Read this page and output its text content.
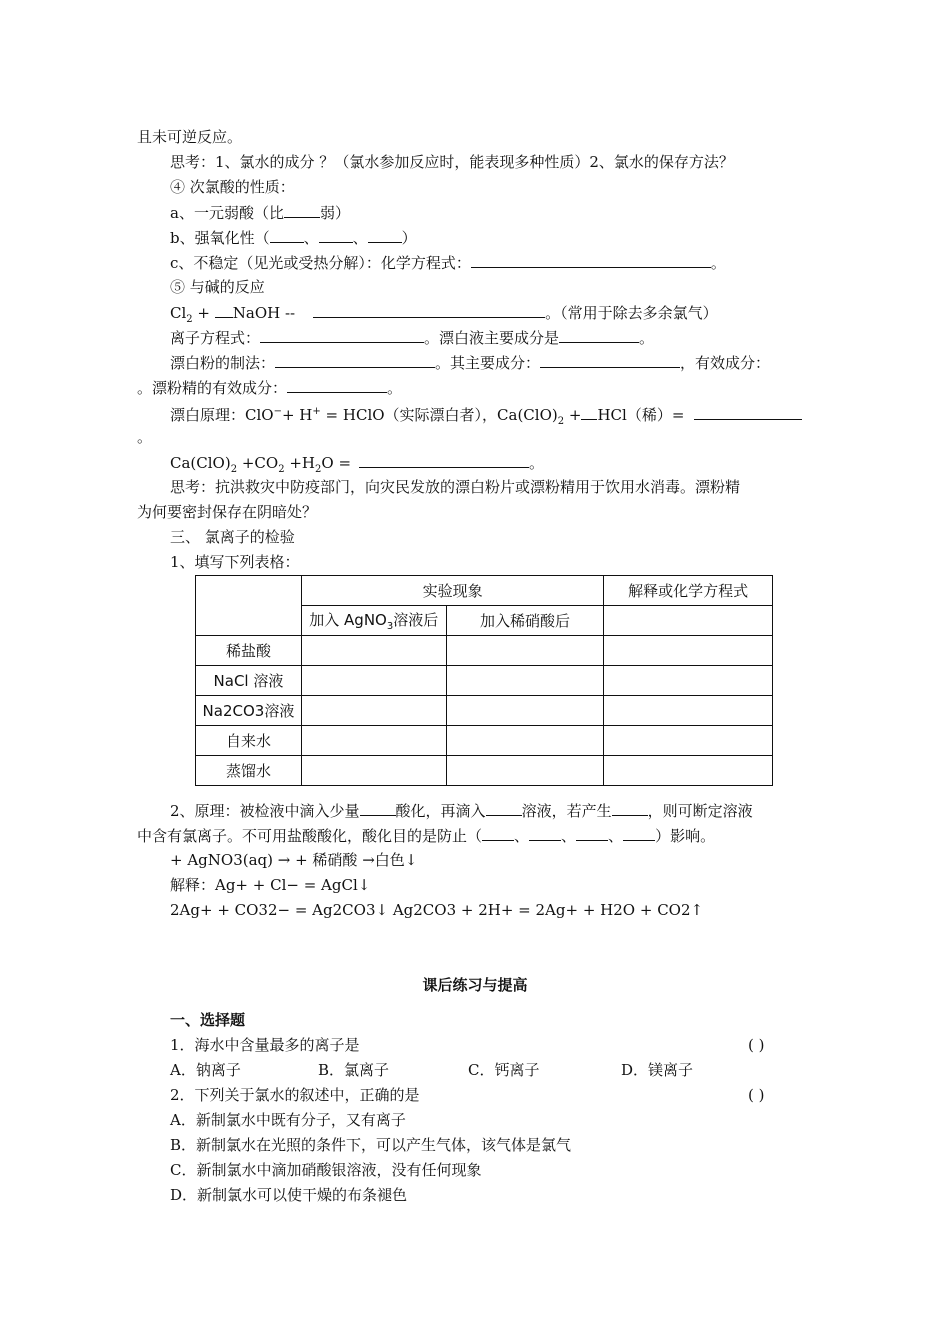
且未可逆反应。
思考：1、氯水的成分 ？（氯水参加反应时，能表现多种性质）2、氯水的保存方法？
④ 次氯酸的性质：
a、一元弱酸（比 弱）
b、强氧化性（ 、 、 ）
c、不稳定（见光或受热分解）：化学方程式：	。
⑤ 与碱的反应
$Cl_2$ + NaOH --	。（常用于除去多余氯气）
离子方程式：	。漂白液主要成分是	。
漂白粉的制法：	。其主要成分：	，有效成分：
。漂粉精的有效成分：	。
漂白原理：ClO−+ H+ = HClO（实际漂白者），$Ca(ClO)_2 + HCl$（稀）=
。
$Ca(ClO)_2 +CO_2 +H_2O$ =	。
思考：抗洪救灾中防疫部门，向灾民发放的漂白粉片或漂粉精用于饮用水消毒。漂粉精
为何要密封保存在阴暗处？
三、 氯离子的检验
1、填写下列表格：
	实验现象		解释或化学方程式
	加入 AgNO$_3$溶液后	加入稀硝酸后	
稀盐酸			
NaCl 溶液			
Na2CO3溶液			
自来水			
蒸馏水			
2、原理：被检液中滴入少量 酸化，再滴入 溶液，若产生 ，则可断定溶液
中含有氯离子。不可用盐酸酸化，酸化目的是防止（ 、 、 、 ）影响。
+ AgNO3(aq) → + 稀硝酸 →白色↓
解释：Ag+ + Cl− = AgCl↓
2Ag+ + CO32− = Ag2CO3↓ Ag2CO3 + 2H+ = 2Ag+ + H2O + CO2↑
课后练习与提高
一、选择题
1．海水中含量最多的离子是	( )
A．钠离子	B．氯离子	C．钙离子	D．镁离子
2．下列关于氯水的叙述中，正确的是	( )
A．新制氯水中既有分子，又有离子
B．新制氯水在光照的条件下，可以产生气体，该气体是氯气
C．新制氯水中滴加硝酸银溶液，没有任何现象
D．新制氯水可以使干燥的布条褪色
